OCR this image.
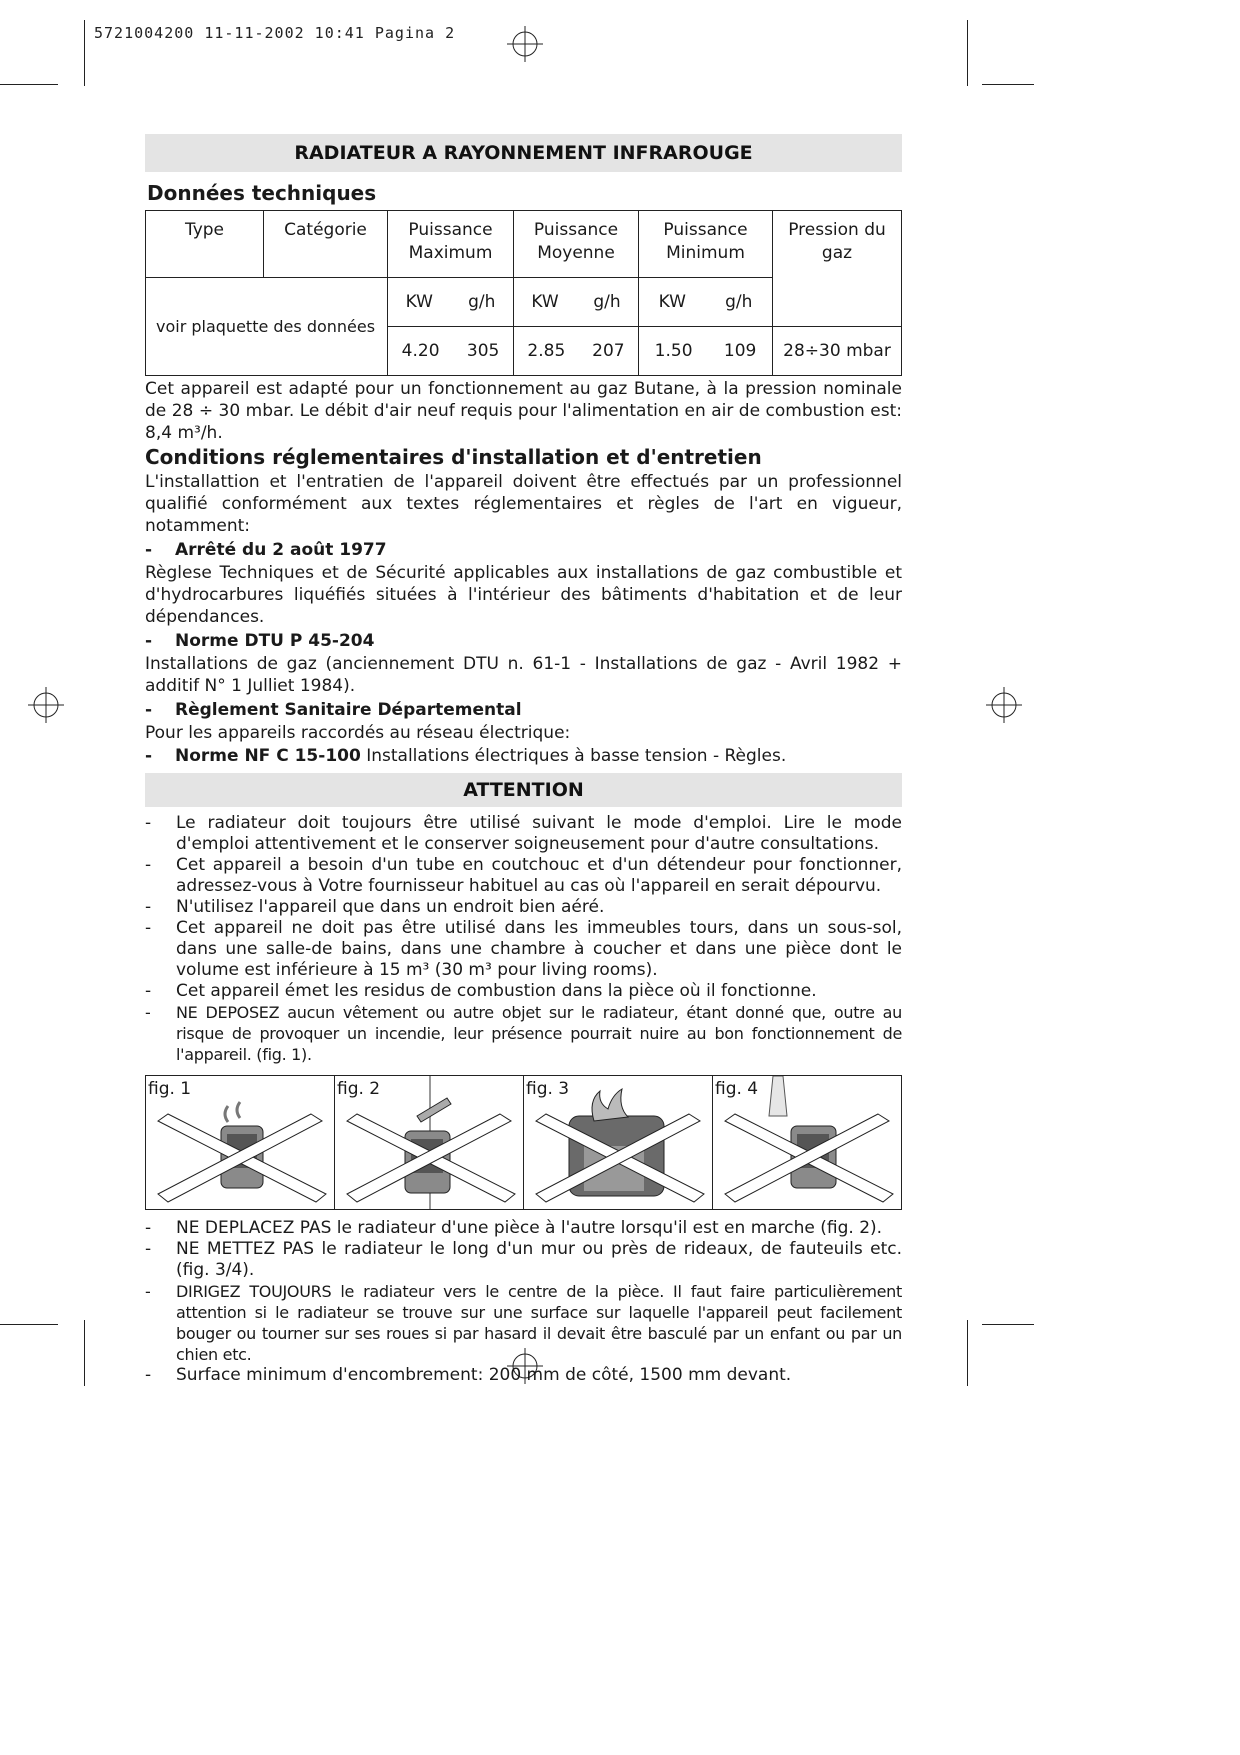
5721004200 11-11-2002 10:41 Pagina 2
RADIATEUR A RAYONNEMENT INFRAROUGE
Données techniques
Type	Catégorie	Puissance Maximum	Puissance Moyenne	Puissance Minimum	Pression du gaz
voir plaquette des données		KW g/h	KW g/h	KW g/h	

		4.20 305	2.85 207	1.50 109	28÷30 mbar

Cet appareil est adapté pour un fonctionnement au gaz Butane, à la pression nominale de 28 ÷ 30 mbar. Le débit d'air neuf requis pour l'alimentation en air de combustion est: 8,4 m³/h.

Conditions réglementaires d'installation et d'entretien

L'installattion et l'entratien de l'appareil doivent être effectués par un professionnel qualifié conformément aux textes réglementaires et règles de l'art en vigueur, notamment:

- Arrêté du 2 août 1977

Règlese Techniques et de Sécurité applicables aux installations de gaz combustible et d'hydrocarbures liquéfiés situées à l'intérieur des bâtiments d'habitation et de leur dépendances.

- Norme DTU P 45-204

Installations de gaz (anciennement DTU n. 61-1 - Installations de gaz - Avril 1982 + additif N° 1 Julliet 1984).

- Règlement Sanitaire Départemental

Pour les appareils raccordés au réseau électrique:

- Norme NF C 15-100 Installations électriques à basse tension - Règles.
ATTENTION
- Le radiateur doit toujours être utilisé suivant le mode d'emploi. Lire le mode d'emploi attentivement et le conserver soigneusement pour d'autre consultations.
- Cet appareil a besoin d'un tube en coutchouc et d'un détendeur pour fonctionner, adressez-vous à Votre fournisseur habituel au cas où l'appareil en serait dépourvu.
- N'utilisez l'appareil que dans un endroit bien aéré.
- Cet appareil ne doit pas être utilisé dans les immeubles tours, dans un sous-sol, dans une salle-de bains, dans une chambre à coucher et dans une pièce dont le volume est inférieure à 15 m³ (30 m³ pour living rooms).
- Cet appareil émet les residus de combustion dans la pièce où il fonctionne.
- NE DEPOSEZ aucun vêtement ou autre objet sur le radiateur, étant donné que, outre au risque de provoquer un incendie, leur présence pourrait nuire au bon fonctionnement de l'appareil. (fig. 1).
fig. 1	fig. 2	fig. 3	fig. 4
- NE DEPLACEZ PAS le radiateur d'une pièce à l'autre lorsqu'il est en marche (fig. 2).
- NE METTEZ PAS le radiateur le long d'un mur ou près de rideaux, de fauteuils etc. (fig. 3/4).
- DIRIGEZ TOUJOURS le radiateur vers le centre de la pièce. Il faut faire particulièrement attention si le radiateur se trouve sur une surface sur laquelle l'appareil peut facilement bouger ou tourner sur ses roues si par hasard il devait être basculé par un enfant ou par un chien etc.
- Surface minimum d'encombrement: 200 mm de côté, 1500 mm devant.
